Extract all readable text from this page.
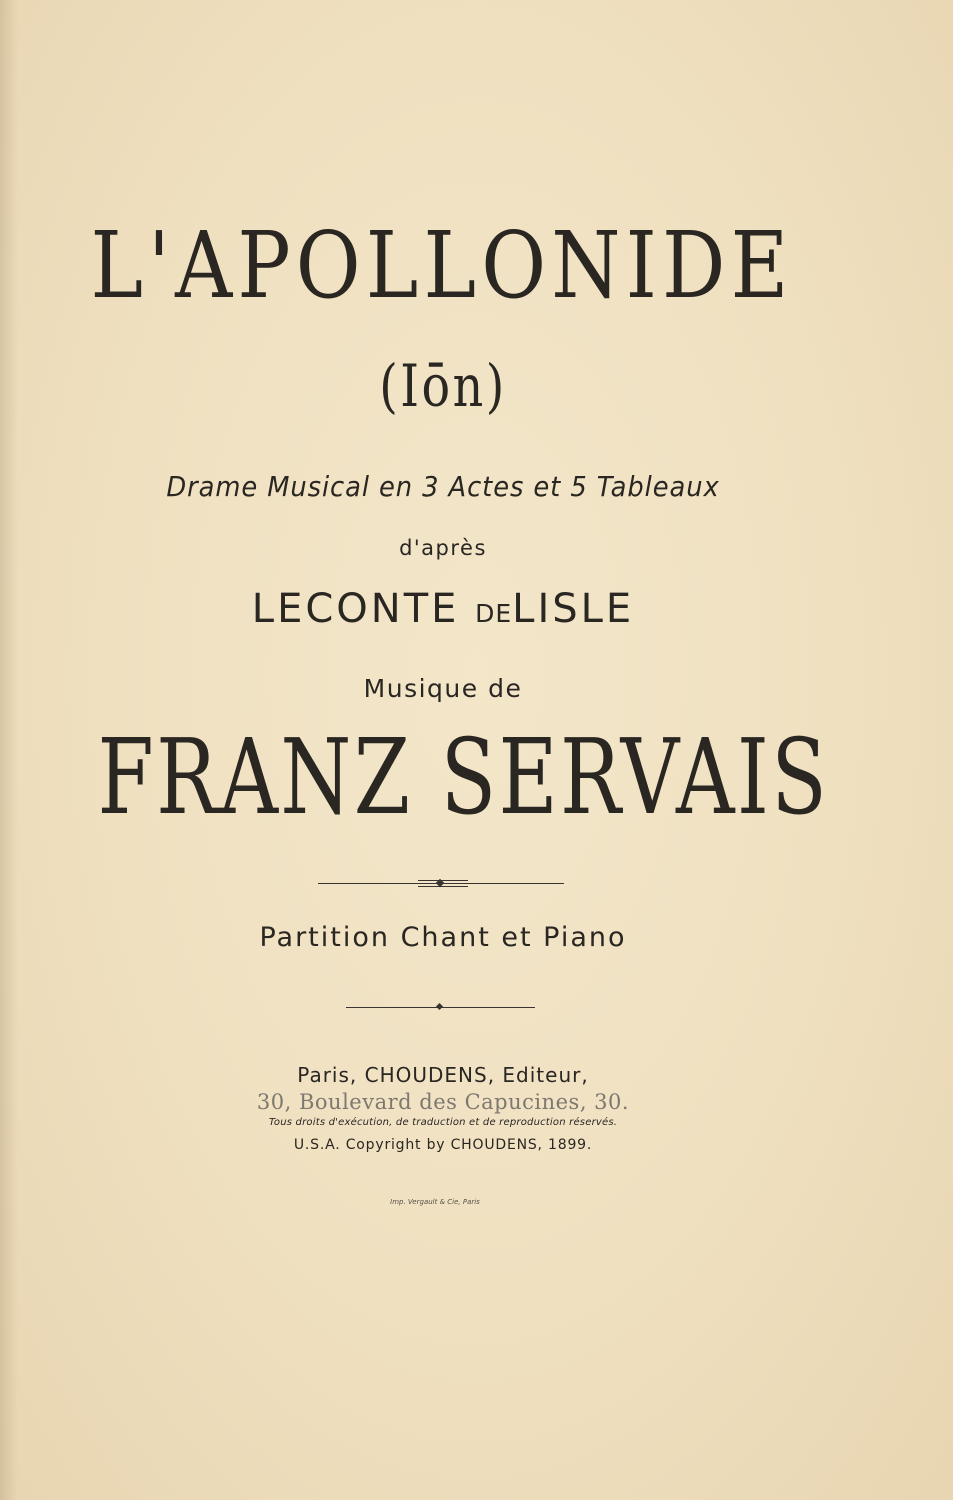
L'APOLLONIDE
(Iōn)
Drame Musical en 3 Actes et 5 Tableaux
d'après
LECONTE DELISLE
Musique de
FRANZ SERVAIS
Partition Chant et Piano
Paris, CHOUDENS, Editeur,
30, Boulevard des Capucines, 30.
Tous droits d'exécution, de traduction et de reproduction réservés.
U.S.A. Copyright by CHOUDENS, 1899.
Imp. Vergault & Cie, Paris
